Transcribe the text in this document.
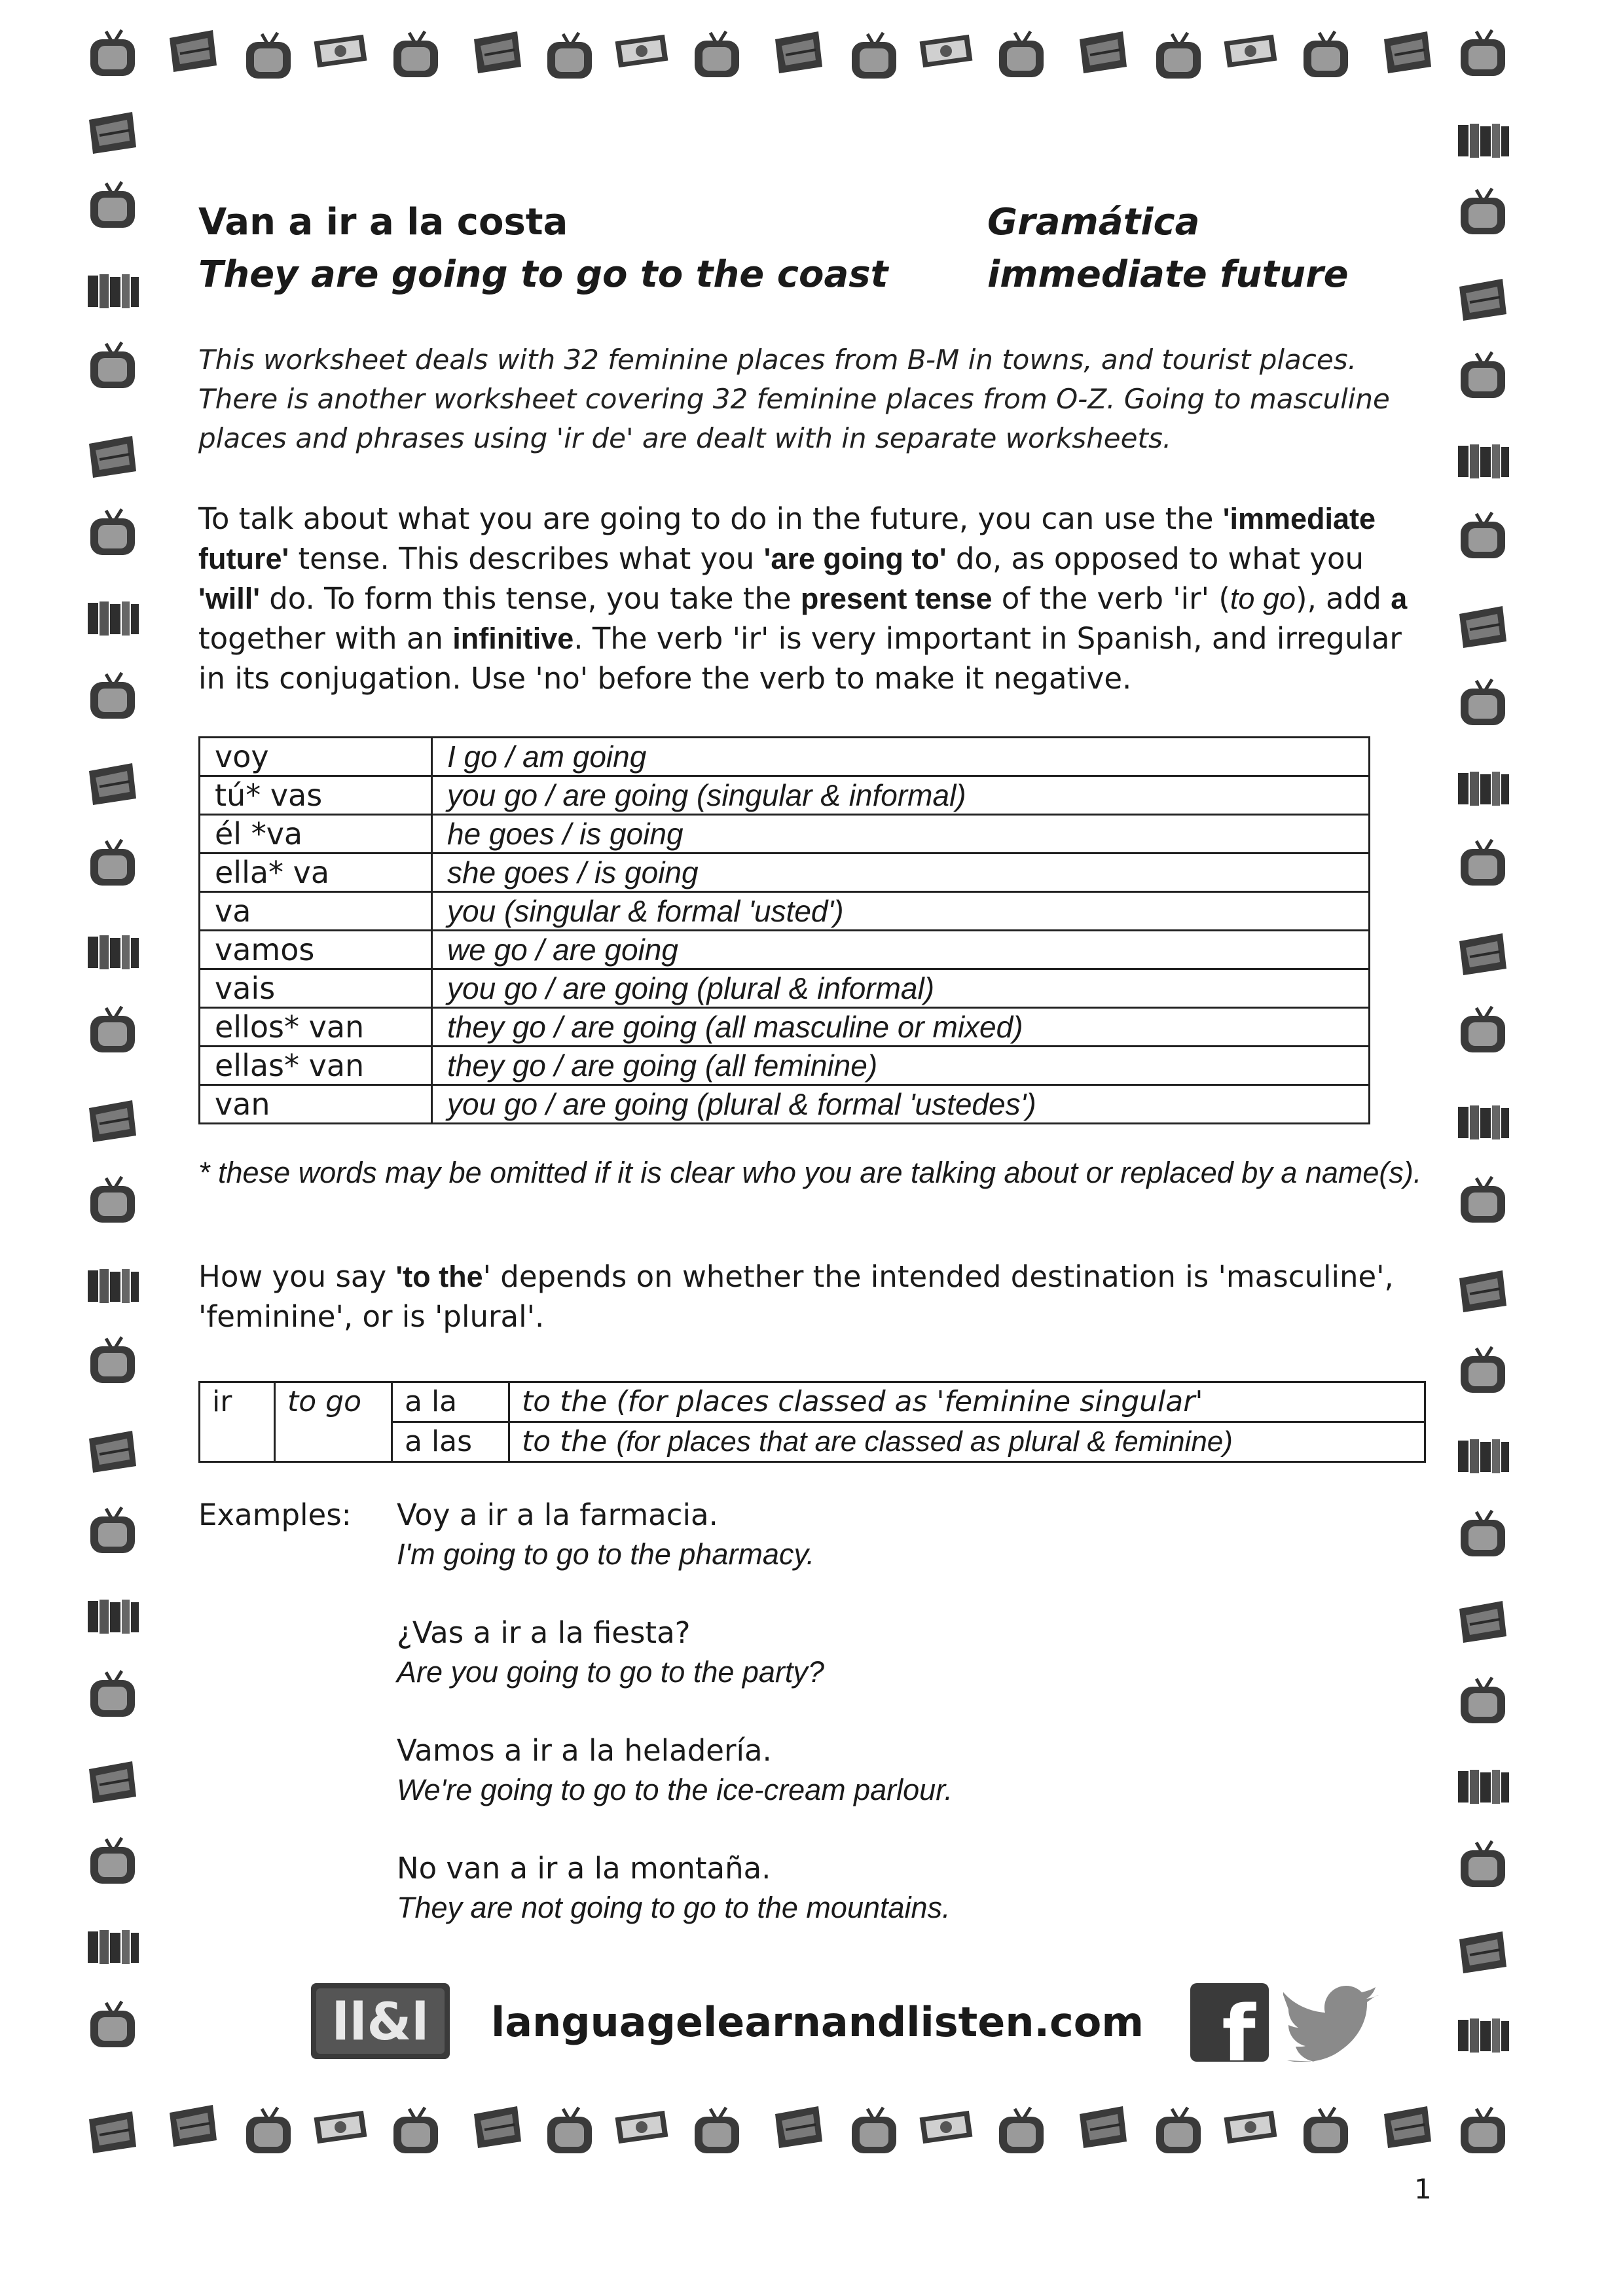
Van a ir a la costa
They are going to go to the coast
Gramática
immediate future
This worksheet deals with 32 feminine places from B-M in towns, and tourist places. There is another worksheet covering 32 feminine places from O-Z. Going to masculine places and phrases using 'ir de' are dealt with in separate worksheets.
To talk about what you are going to do in the future, you can use the 'immediate future' tense. This describes what you 'are going to' do, as opposed to what you 'will' do. To form this tense, you take the present tense of the verb 'ir' (to go), add a together with an infinitive. The verb 'ir' is very important in Spanish, and irregular in its conjugation. Use 'no' before the verb to make it negative.
voy	I go / am going
tú* vas	you go / are going (singular & informal)
él *va	he goes / is going
ella* va	she goes / is going
va	you (singular & formal 'usted')
vamos	we go / are going
vais	you go / are going (plural & informal)
ellos* van	they go / are going (all masculine or mixed)
ellas* van	they go / are going (all feminine)
van	you go / are going (plural & formal 'ustedes')
* these words may be omitted if it is clear who you are talking about or replaced by a name(s).
How you say 'to the' depends on whether the intended destination is 'masculine', 'feminine', or is 'plural'.
ir	to go	a la	to the (for places classed as 'feminine singular'
		a las	to the (for places that are classed as plural & feminine)
Examples: Voy a ir a la farmacia.
I'm going to go to the pharmacy.
¿Vas a ir a la fiesta?
Are you going to go to the party?
Vamos a ir a la heladería.
We're going to go to the ice-cream parlour.
No van a ir a la montaña.
They are not going to go to the mountains.
ll&l languagelearnandlisten.com f
1
